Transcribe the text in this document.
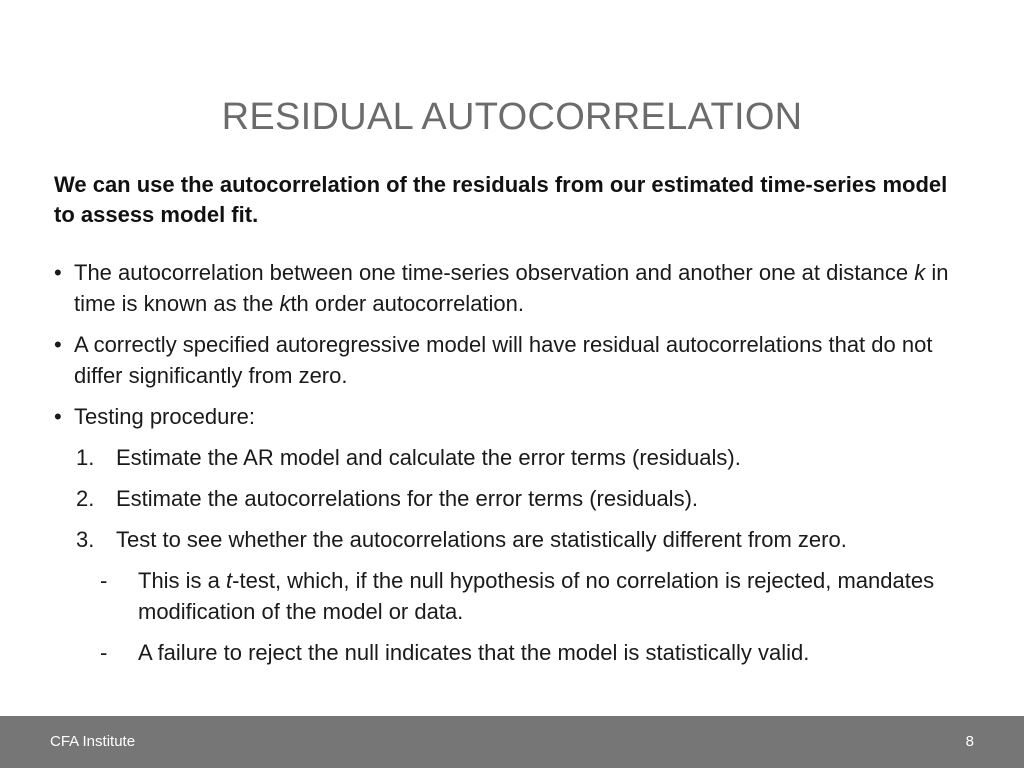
RESIDUAL AUTOCORRELATION

We can use the autocorrelation of the residuals from our estimated time-series model to assess model fit.

• The autocorrelation between one time-series observation and another one at distance k in time is known as the kth order autocorrelation.
• A correctly specified autoregressive model will have residual autocorrelations that do not differ significantly from zero.
• Testing procedure:
1. Estimate the AR model and calculate the error terms (residuals).
2. Estimate the autocorrelations for the error terms (residuals).
3. Test to see whether the autocorrelations are statistically different from zero.
- This is a t-test, which, if the null hypothesis of no correlation is rejected, mandates modification of the model or data.
- A failure to reject the null indicates that the model is statistically valid.
CFA Institute	8
